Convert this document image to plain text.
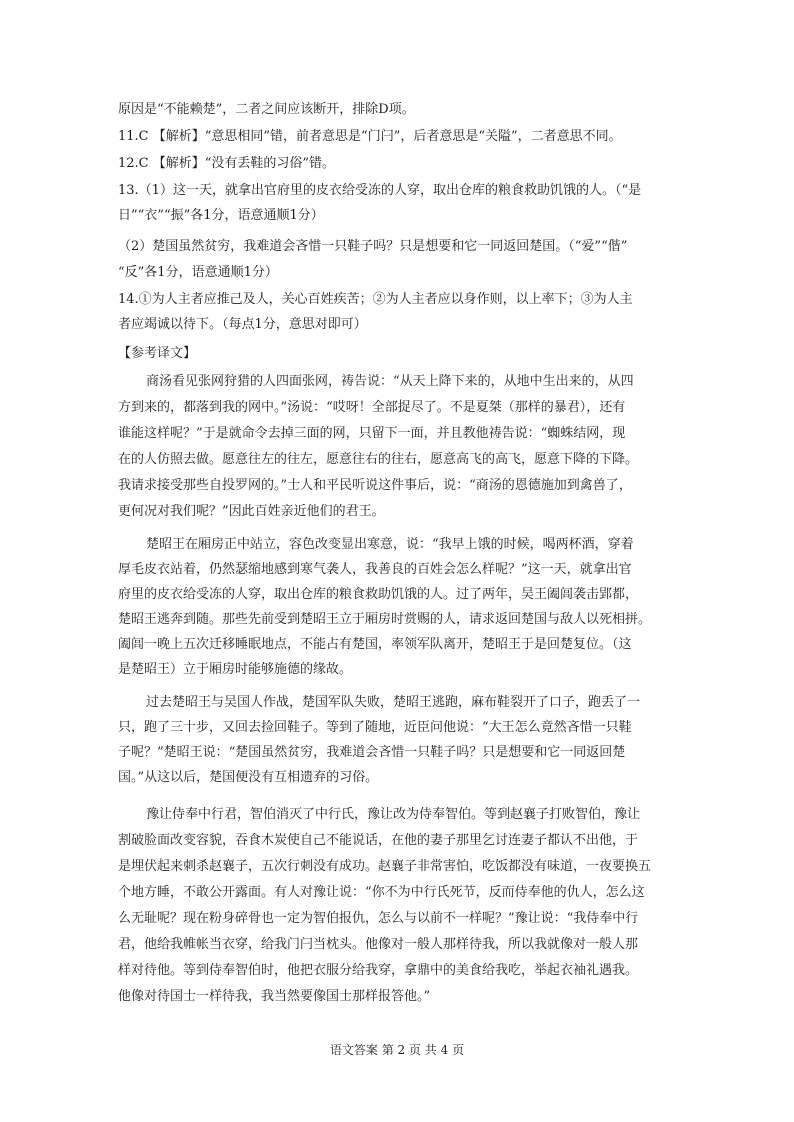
原因是“不能赖楚”，二者之间应该断开，排除D项。
11.C 【解析】“意思相同”错，前者意思是“门闩”，后者意思是“关隘”，二者意思不同。
12.C 【解析】“没有丢鞋的习俗”错。
13.（1）这一天，就拿出官府里的皮衣给受冻的人穿，取出仓库的粮食救助饥饿的人。（“是
日”“衣”“振”各1分，语意通顺1分）
（2）楚国虽然贫穷，我难道会吝惜一只鞋子吗？只是想要和它一同返回楚国。（“爱”“偕”
“反”各1分，语意通顺1分）
14.①为人主者应推己及人，关心百姓疾苦；②为人主者应以身作则，以上率下；③为人主
者应竭诚以待下。（每点1分，意思对即可）
【参考译文】
商汤看见张网狩猎的人四面张网，祷告说：“从天上降下来的，从地中生出来的，从四
方到来的，都落到我的网中。”汤说：“哎呀！全部捉尽了。不是夏桀（那样的暴君），还有
谁能这样呢？”于是就命令去掉三面的网，只留下一面，并且教他祷告说：“蜘蛛结网，现
在的人仿照去做。愿意往左的往左，愿意往右的往右，愿意高飞的高飞，愿意下降的下降。
我请求接受那些自投罗网的。”士人和平民听说这件事后，说：“商汤的恩德施加到禽兽了，
更何况对我们呢？”因此百姓亲近他们的君王。
楚昭王在厢房正中站立，容色改变显出寒意，说：“我早上饿的时候，喝两杯酒，穿着
厚毛皮衣站着，仍然瑟缩地感到寒气袭人，我善良的百姓会怎么样呢？”这一天，就拿出官
府里的皮衣给受冻的人穿，取出仓库的粮食救助饥饿的人。过了两年，吴王阖闾袭击郢都，
楚昭王逃奔到随。那些先前受到楚昭王立于厢房时赏赐的人，请求返回楚国与敌人以死相拼。
阖闾一晚上五次迁移睡眠地点，不能占有楚国，率领军队离开，楚昭王于是回楚复位。（这
是楚昭王）立于厢房时能够施德的缘故。
过去楚昭王与吴国人作战，楚国军队失败，楚昭王逃跑，麻布鞋裂开了口子，跑丢了一
只，跑了三十步，又回去捡回鞋子。等到了随地，近臣问他说：“大王怎么竟然吝惜一只鞋
子呢？”楚昭王说：“楚国虽然贫穷，我难道会吝惜一只鞋子吗？只是想要和它一同返回楚
国。”从这以后，楚国便没有互相遗弃的习俗。
豫让侍奉中行君，智伯消灭了中行氏，豫让改为侍奉智伯。等到赵襄子打败智伯，豫让
割破脸面改变容貌，吞食木炭使自己不能说话，在他的妻子那里乞讨连妻子都认不出他，于
是埋伏起来刺杀赵襄子，五次行刺没有成功。赵襄子非常害怕，吃饭都没有味道，一夜要换五
个地方睡，不敢公开露面。有人对豫让说：“你不为中行氏死节，反而侍奉他的仇人，怎么这
么无耻呢？现在粉身碎骨也一定为智伯报仇，怎么与以前不一样呢？”豫让说：“我侍奉中行
君，他给我帷帐当衣穿，给我门闩当枕头。他像对一般人那样待我，所以我就像对一般人那
样对待他。等到侍奉智伯时，他把衣服分给我穿，拿鼎中的美食给我吃，举起衣袖礼遇我。
他像对待国士一样待我，我当然要像国士那样报答他。”
语文答案 第 2 页 共 4 页
